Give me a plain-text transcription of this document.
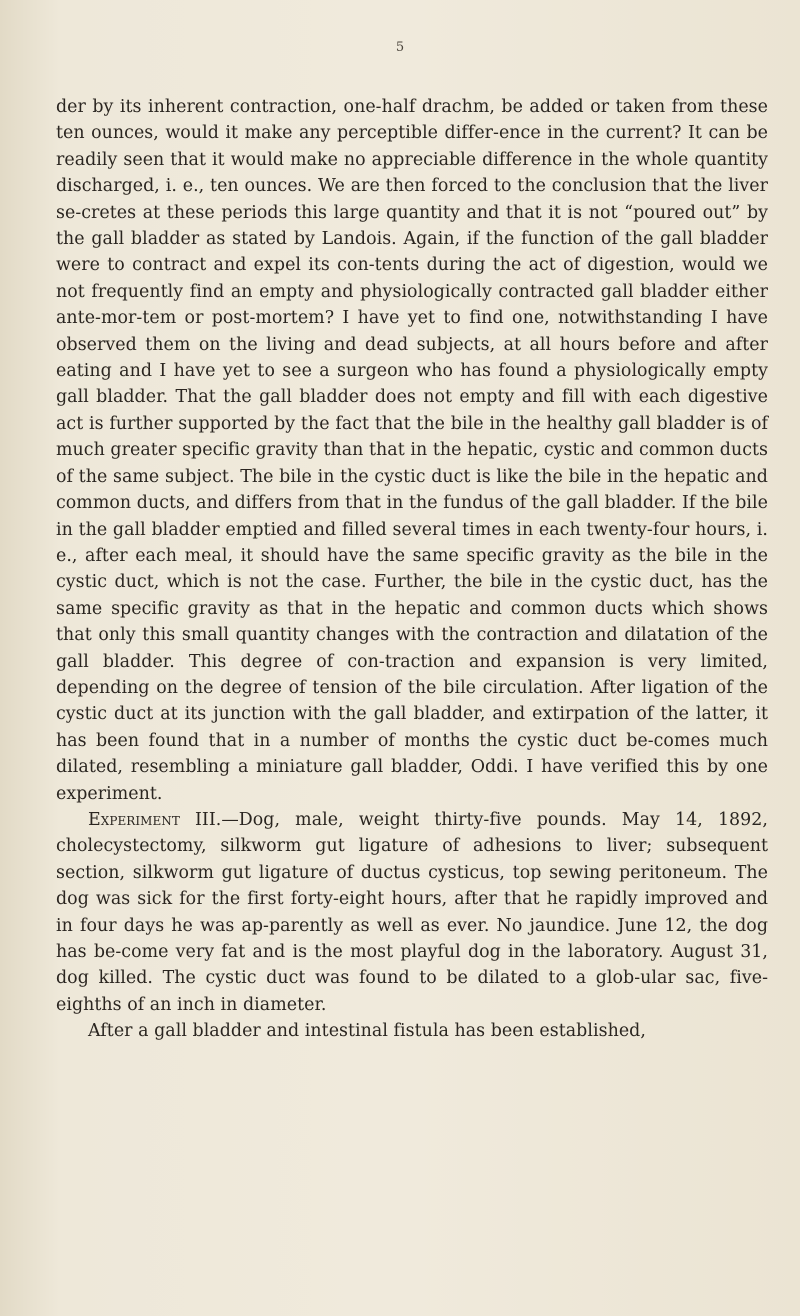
5

der by its inherent contraction, one-half drachm, be added or taken from these ten ounces, would it make any perceptible differ-ence in the current? It can be readily seen that it would make no appreciable difference in the whole quantity discharged, i. e., ten ounces. We are then forced to the conclusion that the liver se-cretes at these periods this large quantity and that it is not “poured out” by the gall bladder as stated by Landois. Again, if the function of the gall bladder were to contract and expel its con-tents during the act of digestion, would we not frequently find an empty and physiologically contracted gall bladder either ante-mor-tem or post-mortem? I have yet to find one, notwithstanding I have observed them on the living and dead subjects, at all hours before and after eating and I have yet to see a surgeon who has found a physiologically empty gall bladder. That the gall bladder does not empty and fill with each digestive act is further supported by the fact that the bile in the healthy gall bladder is of much greater specific gravity than that in the hepatic, cystic and common ducts of the same subject. The bile in the cystic duct is like the bile in the hepatic and common ducts, and differs from that in the fundus of the gall bladder. If the bile in the gall bladder emptied and filled several times in each twenty-four hours, i. e., after each meal, it should have the same specific gravity as the bile in the cystic duct, which is not the case. Further, the bile in the cystic duct, has the same specific gravity as that in the hepatic and common ducts which shows that only this small quantity changes with the contraction and dilatation of the gall bladder. This degree of con-traction and expansion is very limited, depending on the degree of tension of the bile circulation. After ligation of the cystic duct at its junction with the gall bladder, and extirpation of the latter, it has been found that in a number of months the cystic duct be-comes much dilated, resembling a miniature gall bladder, Oddi. I have verified this by one experiment.

Experiment III.—Dog, male, weight thirty-five pounds. May 14, 1892, cholecystectomy, silkworm gut ligature of adhesions to liver; subsequent section, silkworm gut ligature of ductus cysticus, top sewing peritoneum. The dog was sick for the first forty-eight hours, after that he rapidly improved and in four days he was ap-parently as well as ever. No jaundice. June 12, the dog has be-come very fat and is the most playful dog in the laboratory. August 31, dog killed. The cystic duct was found to be dilated to a glob-ular sac, five-eighths of an inch in diameter.

After a gall bladder and intestinal fistula has been established,
